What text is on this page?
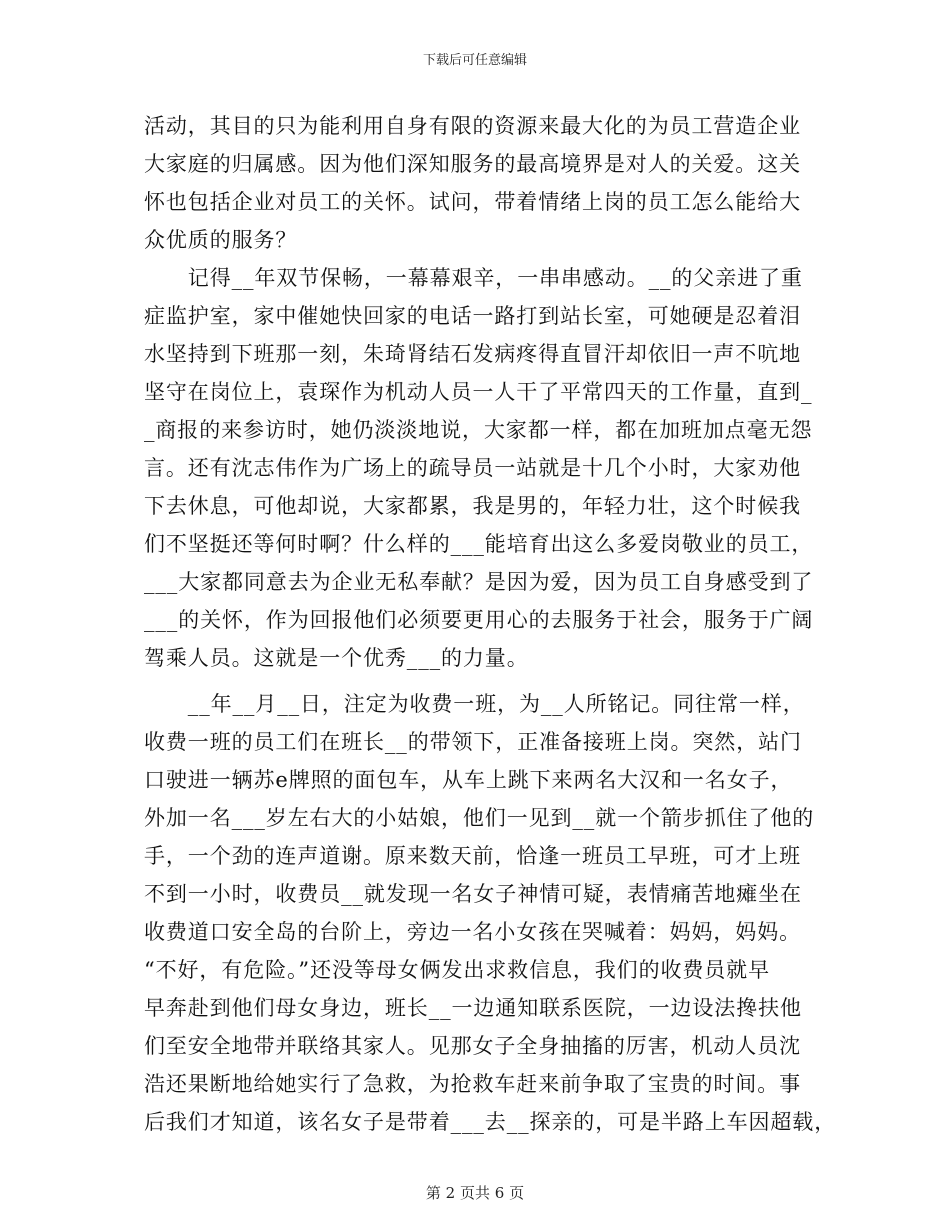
下载后可任意编辑
活动，其目的只为能利用自身有限的资源来最大化的为员工营造企业
大家庭的归属感。因为他们深知服务的最高境界是对人的关爱。这关
怀也包括企业对员工的关怀。试问，带着情绪上岗的员工怎么能给大
众优质的服务？
　　记得__年双节保畅，一幕幕艰辛，一串串感动。__的父亲进了重
症监护室，家中催她快回家的电话一路打到站长室，可她硬是忍着泪
水坚持到下班那一刻，朱琦肾结石发病疼得直冒汗却依旧一声不吭地
坚守在岗位上，袁琛作为机动人员一人干了平常四天的工作量，直到_
_商报的来参访时，她仍淡淡地说，大家都一样，都在加班加点毫无怨
言。还有沈志伟作为广场上的疏导员一站就是十几个小时，大家劝他
下去休息，可他却说，大家都累，我是男的，年轻力壮，这个时候我
们不坚挺还等何时啊？什么样的___能培育出这么多爱岗敬业的员工，
___大家都同意去为企业无私奉献？是因为爱，因为员工自身感受到了
___的关怀，作为回报他们必须要更用心的去服务于社会，服务于广阔
驾乘人员。这就是一个优秀___的力量。
　　__年__月__日，注定为收费一班，为__人所铭记。同往常一样，
收费一班的员工们在班长__的带领下，正准备接班上岗。突然，站门
口驶进一辆苏e牌照的面包车，从车上跳下来两名大汉和一名女子，
外加一名___岁左右大的小姑娘，他们一见到__就一个箭步抓住了他的
手，一个劲的连声道谢。原来数天前，恰逢一班员工早班，可才上班
不到一小时，收费员__就发现一名女子神情可疑，表情痛苦地瘫坐在
收费道口安全岛的台阶上，旁边一名小女孩在哭喊着：妈妈，妈妈。
“不好，有危险。”还没等母女俩发出求救信息，我们的收费员就早
早奔赴到他们母女身边，班长__一边通知联系医院，一边设法搀扶他
们至安全地带并联络其家人。见那女子全身抽搐的厉害，机动人员沈
浩还果断地给她实行了急救，为抢救车赶来前争取了宝贵的时间。事
后我们才知道，该名女子是带着___去__探亲的，可是半路上车因超载，
第 2 页共 6 页
